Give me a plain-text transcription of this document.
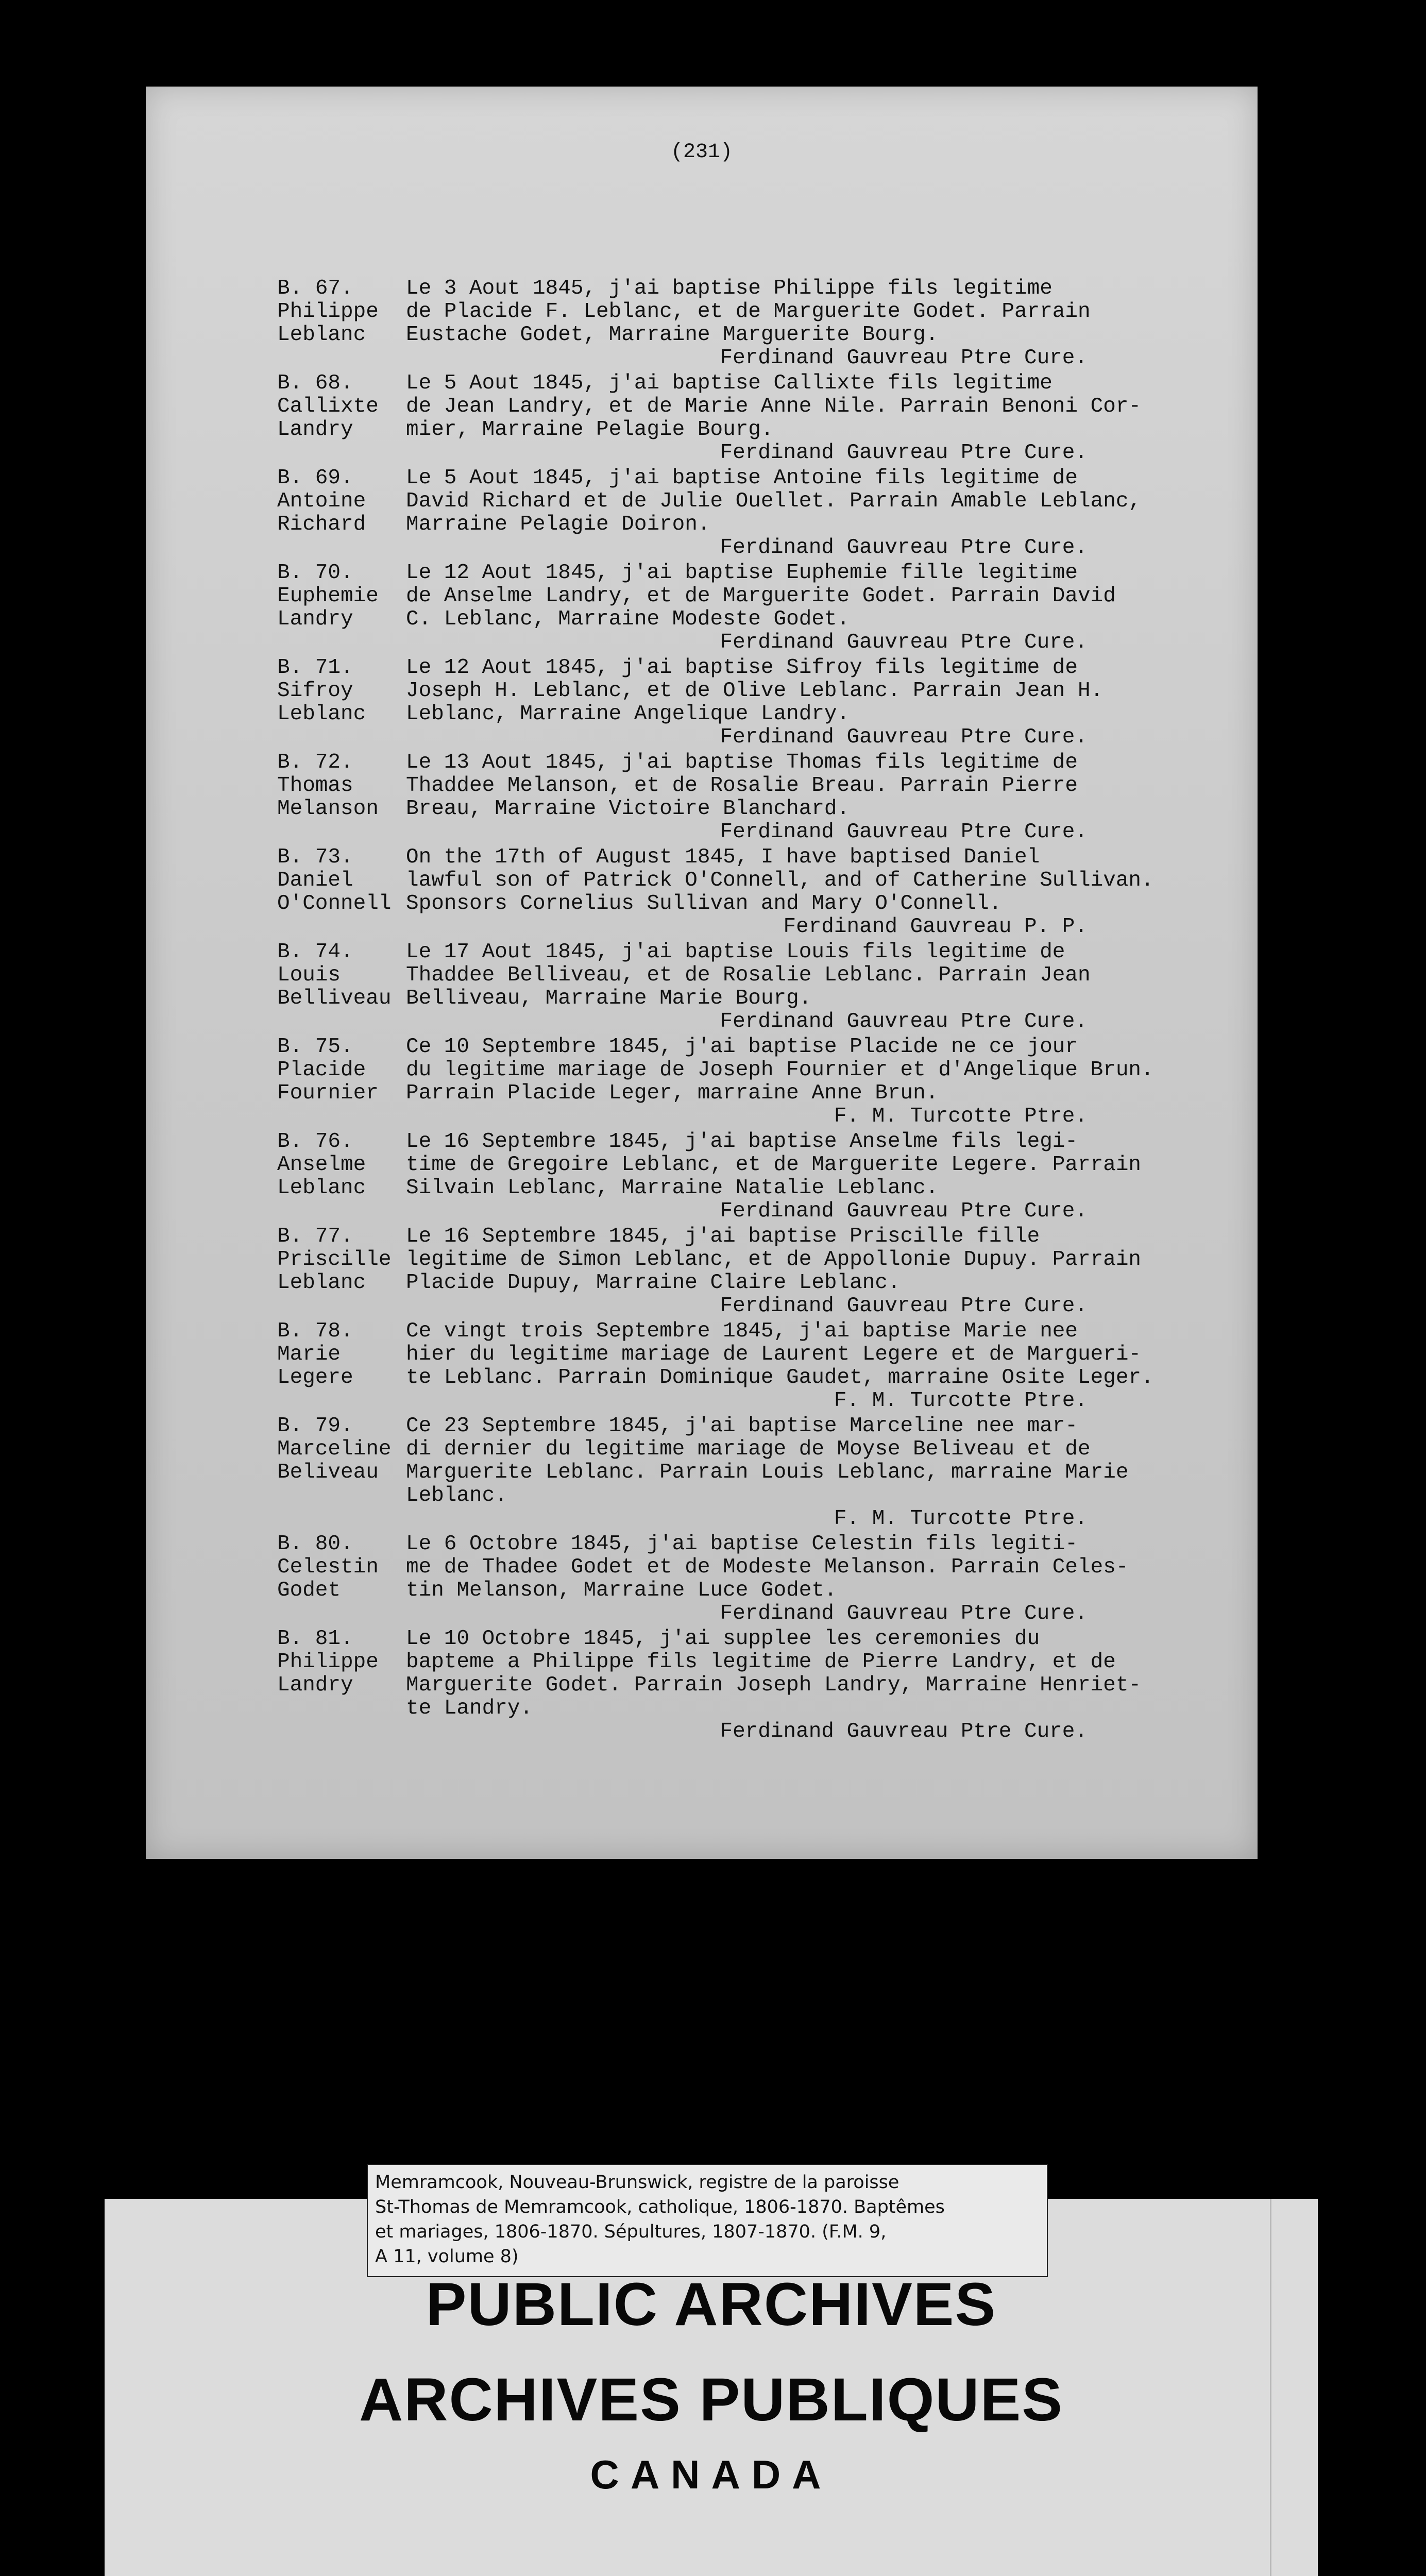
(231)
B. 67.
Philippe
Leblanc
Le 3 Aout 1845, j'ai baptise Philippe fils legitime
de Placide F. Leblanc, et de Marguerite Godet. Parrain
Eustache Godet, Marraine Marguerite Bourg.
Ferdinand Gauvreau Ptre Cure.
B. 68.
Callixte
Landry
Le 5 Aout 1845, j'ai baptise Callixte fils legitime
de Jean Landry, et de Marie Anne Nile. Parrain Benoni Cor-
mier, Marraine Pelagie Bourg.
Ferdinand Gauvreau Ptre Cure.
B. 69.
Antoine
Richard
Le 5 Aout 1845, j'ai baptise Antoine fils legitime de
David Richard et de Julie Ouellet. Parrain Amable Leblanc,
Marraine Pelagie Doiron.
Ferdinand Gauvreau Ptre Cure.
B. 70.
Euphemie
Landry
Le 12 Aout 1845, j'ai baptise Euphemie fille legitime
de Anselme Landry, et de Marguerite Godet. Parrain David
C. Leblanc, Marraine Modeste Godet.
Ferdinand Gauvreau Ptre Cure.
B. 71.
Sifroy
Leblanc
Le 12 Aout 1845, j'ai baptise Sifroy fils legitime de
Joseph H. Leblanc, et de Olive Leblanc. Parrain Jean H.
Leblanc, Marraine Angelique Landry.
Ferdinand Gauvreau Ptre Cure.
B. 72.
Thomas
Melanson
Le 13 Aout 1845, j'ai baptise Thomas fils legitime de
Thaddee Melanson, et de Rosalie Breau. Parrain Pierre
Breau, Marraine Victoire Blanchard.
Ferdinand Gauvreau Ptre Cure.
B. 73.
Daniel
O'Connell
On the 17th of August 1845, I have baptised Daniel
lawful son of Patrick O'Connell, and of Catherine Sullivan.
Sponsors Cornelius Sullivan and Mary O'Connell.
Ferdinand Gauvreau P. P.
B. 74.
Louis
Belliveau
Le 17 Aout 1845, j'ai baptise Louis fils legitime de
Thaddee Belliveau, et de Rosalie Leblanc. Parrain Jean
Belliveau, Marraine Marie Bourg.
Ferdinand Gauvreau Ptre Cure.
B. 75.
Placide
Fournier
Ce 10 Septembre 1845, j'ai baptise Placide ne ce jour
du legitime mariage de Joseph Fournier et d'Angelique Brun.
Parrain Placide Leger, marraine Anne Brun.
F. M. Turcotte Ptre.
B. 76.
Anselme
Leblanc
Le 16 Septembre 1845, j'ai baptise Anselme fils legi-
time de Gregoire Leblanc, et de Marguerite Legere. Parrain
Silvain Leblanc, Marraine Natalie Leblanc.
Ferdinand Gauvreau Ptre Cure.
B. 77.
Priscille
Leblanc
Le 16 Septembre 1845, j'ai baptise Priscille fille
legitime de Simon Leblanc, et de Appollonie Dupuy. Parrain
Placide Dupuy, Marraine Claire Leblanc.
Ferdinand Gauvreau Ptre Cure.
B. 78.
Marie
Legere
Ce vingt trois Septembre 1845, j'ai baptise Marie nee
hier du legitime mariage de Laurent Legere et de Margueri-
te Leblanc. Parrain Dominique Gaudet, marraine Osite Leger.
F. M. Turcotte Ptre.
B. 79.
Marceline
Beliveau
Ce 23 Septembre 1845, j'ai baptise Marceline nee mar-
di dernier du legitime mariage de Moyse Beliveau et de
Marguerite Leblanc. Parrain Louis Leblanc, marraine Marie
Leblanc.
F. M. Turcotte Ptre.
B. 80.
Celestin
Godet
Le 6 Octobre 1845, j'ai baptise Celestin fils legiti-
me de Thadee Godet et de Modeste Melanson. Parrain Celes-
tin Melanson, Marraine Luce Godet.
Ferdinand Gauvreau Ptre Cure.
B. 81.
Philippe
Landry
Le 10 Octobre 1845, j'ai supplee les ceremonies du
bapteme a Philippe fils legitime de Pierre Landry, et de
Marguerite Godet. Parrain Joseph Landry, Marraine Henriet-
te Landry.
Ferdinand Gauvreau Ptre Cure.
Memramcook, Nouveau-Brunswick, registre de la paroisse
St-Thomas de Memramcook, catholique, 1806-1870. Baptêmes
et mariages, 1806-1870. Sépultures, 1807-1870. (F.M. 9,
A 11, volume 8)
PUBLIC ARCHIVES
ARCHIVES PUBLIQUES
CANADA
